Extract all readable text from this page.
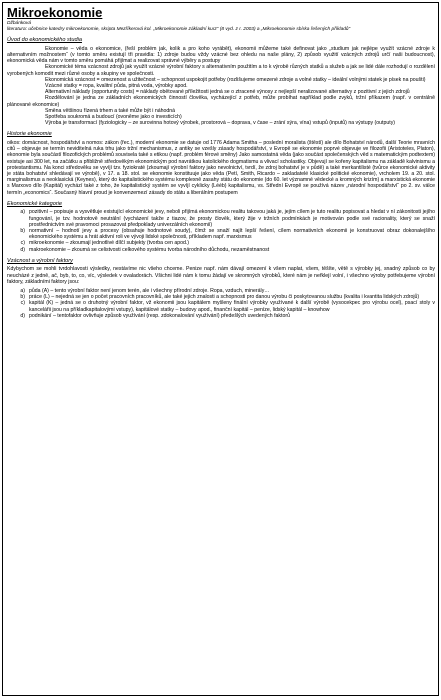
Mikroekonomie

Džbánková

literatura: učebnice katedry mikroekonomie, skripta Mezříkerová kol. „Mikroekonomie základní kurz“ (8 vyd. z r. 2003) a „Mikroekonomie sbírka řešených příkladů“

Úvod do ekonomického studia

Ekonomie – věda o ekonomice, (řeší problém jak, kolik a pro koho vyrábět), ekonomii můžeme také definovat jako „studium jak nejlépe využít vzácné zdroje k alternativním možnostem“ (v tomto směru existují tři pravidla: 1) zdroje budou vždy vzácné bez ohledu na naše plány, 2) způsob využití vzácných zdrojů určí naši budoucnost), ekonomická věda nám v tomto směru pomáhá přijímat a realizovat správné výběry a postupy

Ekonomické téma vzácnost zdrojů jak využít vzácné výrobní faktory s alternativním použitím a to k výrobě různých statků a služeb a jak se lidé dále rozhodují o rozdělení vyrobených komodit mezi různé osoby a skupiny ve společnosti.

Ekonomická vzácnost = omezenost a užitečnost – schopnost uspokojit potřeby (rozlišujeme omezené zdroje a volné statky – ideální volnými statek je písek na poušti)

Vzácné statky = ropa, kvalitní půda, pitná voda, výrobky apod.

Alternativní náklady (opportunity costs) = náklady obětované příležitosti jedná se o ztracené výnosy z nejlepší neralizované alternativy z pozitivní z jejich zdrojů

Rozdělování je jedna ze základních ekonomických činností člověka, vycházející z potřeb, může probíhat například podle zvyků, tržní příkazem (např. v centrálně plánované ekonomice)

Směna většinou řízená trhem a také může být i náhodná

Spotřeba soukromá a budoucí (ovoněme jako o investicích)

Výroba je transformací (fyziologicky – ze surovinna hotový výrobek, prostorová – doprava, v čase – zrání sýra, vína) vstupů (inputů) na výstupy (outputy)

Historie ekonomie

oikos: domácnost, hospodářství a nomos: zákon (řec.), moderní ekonomie se datuje od 1776 Adama Smitha – poslední moralista (štěstí) ale dílo Bohatství národů, další Teorie mravních citů – objevuje se termín neviditelná ruka trhu jako tržní mechanismus, z antiky se vzešly zásady hospodářství, v Evropě se ekonomie poprvé objevuje ve filozofii (Aristoteles, Platon), ekonomie byla součástí filozofických problémů souvisela také s etikou (např. problém férové směny) Jako samostatná věda (jako součást společenských věd s matematickým podtextem) existuje asi 300 let, na začátku a přibližně středověkým ekonomickým pod navrátkou katolického dogmatismu a vlivací scholastiky. Objevují se kořeny kapitalismu na základě kalvinismu a protestantismu. Na konci středověku se vyvíjí tzv. fyziokraté (zkoumají výrobní faktory jako nevolnictví, tvrdí, že zdroj bohatství je v půdě) a také merkantilisté (tvůrce ekonomické aktivity je státa bohatství shledávají ve výrobě), v 17. a 18. stol. se ekonomie konstituuje jako věda (Petí, Smith, Ricardo – zakladatelé klasické politické ekonomie), vrcholem 19. a 20. stol. marginalismus a neoklasická (Keynes), který do kapitalistického systému komplexně zasahy státu do ekonomie (do 60. let významné vědecké a kromných krizím) a marxistická ekonomie s Marxovo dílo (Kapitál) vychází také z toho, že kapitalistický systém se vyvíjí cyklicky (Lééb) kapitalismu, vs. Střední Evropě se používá název „národní hospodářství“ po 2. sv. válce termín „economics“. Současný hlavní proud je konvenzemezí zásady do státu a liberálním postupem

Ekonomické kategorie
a) pozitivní – popisuje a vysvětluje existující ekonomické jevy, neboli přijímá ekonomickou realitu takovou jaká je, jejím cílem je tuto realitu popisovat a hledat v ní zákonitosti jejího fungování, je tzv. hodnotově neutrální (vycházení takže z tiazov, že prosty člověk, který žije v tržních podmínkách je motivován podle své racionality, který se snaží prostřednictvím své pravomoci prosazovat předpoklady univerzálních ekonomií)
b) normativní – hodnotí jevy a procesy (obsahuje hodnotové soudy), čímž se snaží najít lepší řešení, cílem normativních ekonomii je konstruovat obraz dokonalejšího ekonomického systému a hrát aktivní roli ve vývoji lidské společnosti, příkladem např. marxismus
c) mikroekonomie – zkoumají jednotlivé dílčí subjekty (tvorba cen apod.)
d) makroekonomie – zkoumá se celistvosti celkového systému tvorba národního důchodu, nezaměstnanost
Vzácnost a výrobní faktory

Kdybychom se mohli tvrdohlavosti výsledky, nestávíme nic všeho chceme. Penize např. nám dávají omezení k všem naplat, všem, těšíte, větě s výrobky jej, snadný způsob co by neucházé z jedně, ač, byb, to, co, víc, výsledek v ovaladorách. Všichni lidé nám k tomu žádají ve skromných výrobků, které nám je neřklejí volní, i všechno výroby potřebujeme výrobní faktory, základními faktory jsou:

a) půda (A) – tento výrobní faktor není jenom terén, ale i všechny přírodní zdroje. Ropa, vzduch, minerály…
b) práce (L) – nejedná se jen o počet pracovních pracovníků, ale také jejich znalosti a schopnosti pro danou výrobu či poskytovanou službu (kvalita i kvantita lidských zdrojů)
c) kapitál (K) – jedná se o druhotný výrobní faktor, vž ekonomii jsou kapitálem myšleny finální výrobky využívané k další výrobě (vysocekpec pro výrobu ocel), psací stoly v kancelářii jsou na příkladkapitalovými vstupy), kapitálové statky – budovy apod., finanční kapitál – peníze, lidský kapitál – knowhow
d) podnikání – tentofaktor ovlivňuje způsob využívání (resp. zdokonalování využívání) předešlých uvedených faktorů
